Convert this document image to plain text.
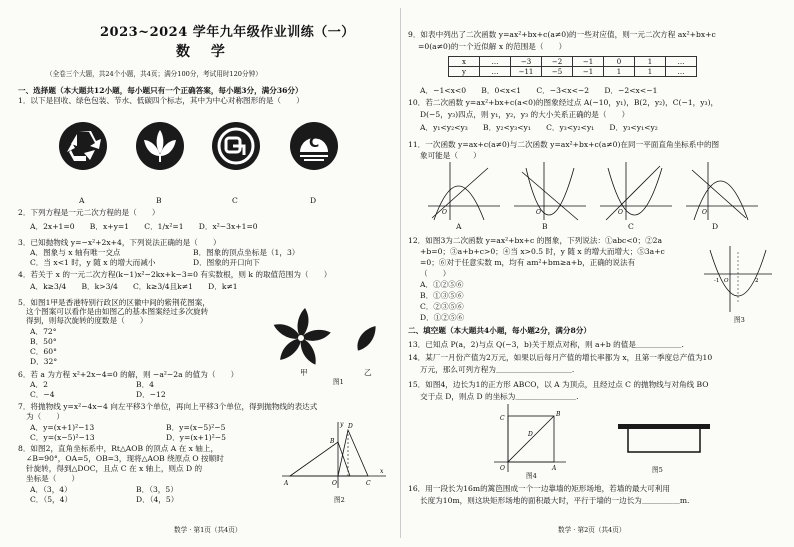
2023~2024 学年九年级作业训练（一）
数 学
（全卷三个大题，共24个小题，共4页；满分100分，考试用时120分钟）
一、选择题（本大题共12小题，每小题只有一个正确答案，每小题3分，满分36分）
1．以下是回收、绿色包装、节水、低碳四个标志，其中为中心对称图形的是（　　）
C
A	B	C	D
2．下列方程是一元二次方程的是（　　）
A．2x+1=0　　B．x+y=1　　C．1/x²=1　　D．x²−3x+1=0
3．已知抛物线 y=−x²+2x+4，下列说法正确的是（　　）
A．图象与 x 轴有唯一交点	B．图象的顶点坐标是（1，3）
C．当 x<1 时，y 随 x 的增大而减小	D．图象的开口向下
4．若关于 x 的一元二次方程(k−1)x²−2kx+k−3=0 有实数根，则 k 的取值范围为（　　）
A．k≥3/4　　B．k>3/4　　C．k≥3/4且k≠1　　D．k≠1
5．如图1甲是香港特别行政区的区徽中间的紫荆花图案，
这个图案可以看作是由如图乙的基本图案经过多次旋转
得到，则每次旋转的度数是（　　）
A．72°
B．50°
C．60°
D．32°
甲	乙
图1
6．若 a 为方程 x²+2x−4=0 的解，则 −a²−2a 的值为（　　）
A．2	B．4
C．−4	D．−12
7．将抛物线 y=x²−4x−4 向左平移3个单位，再向上平移3个单位，得到抛物线的表达式
为（　　）
A．y=(x+1)²−13	B．y=(x−5)²−5
C．y=(x−5)²−13	D．y=(x+1)²−5
8．如图2，直角坐标系中，Rt△AOB 的顶点 A 在 x 轴上，
∠B=90°，OA=5，OB=3，现将△AOB 绕原点 O 按顺时
针旋转，得到△DOC，且点 C 在 x 轴上，则点 D 的
坐标是（　　）
A．（3，4）	B．（3，5）
C．（5，4）	D．（4，5）
A
B
D
O	C
x
y
图2
数学 · 第1页（共4页）
9．如表中列出了二次函数 y=ax²+bx+c(a≠0)的一些对应值，则一元二次方程 ax²+bx+c
=0(a≠0)的一个近似解 x 的范围是（　　）
x	…	−3	−2	−1	0	1	…
y	…	−11	−5	−1	1	1	…
A．−1<x<0　　B．0<x<1　　C．−3<x<−2　　D．−2<x<−1
10．若二次函数 y=ax²+bx+c(a<0)的图象经过点 A(−10，y₁)，B(2，y₂)，C(−1，y₃)，
D(−5，y₃)四点，则 y₁，y₂，y₃ 的大小关系正确的是（　　）
A．y₁<y₂<y₃　　B．y₂<y₃<y₁　　C．y₃<y₂<y₁　　D．y₃<y₁<y₂
11．一次函数 y=ax+c(a≠0)与二次函数 y=ax²+bx+c(a≠0)在同一平面直角坐标系中的图
象可能是（　　）
O	O	O	O
A	B	C	D
12．如图3为二次函数 y=ax²+bx+c 的图象，下列说法：①abc<0；②2a
+b=0；③a+b+c>0；④当 x>0.5 时，y 随 x 的增大而增大；⑤3a+c
=0；⑥对于任意实数 m，均有 am²+bm≥a+b，正确的说法有
（　　）
A．①②⑤⑥
B．①③⑤⑥
C．②③⑤⑥
D．①②⑤⑥
-1 O	2
图3
二、填空题（本大题共4小题，每小题2分，满分8分）
13．已知点 P(a，2)与点 Q(−3，b)关于原点对称，则 a+b 的值是＿＿＿＿＿＿.
14．某厂一月份产值为2万元，如果以后每月产值的增长率都为 x，且第一季度总产值为10
万元，那么可列方程为＿＿＿＿＿＿＿＿＿＿.
15．如图4，边长为1的正方形 ABCO，以 A 为顶点，且经过点 C 的抛物线与对角线 BO
交于点 D，则点 D 的坐标为＿＿＿＿＿＿＿＿.
C
B
A
O
D
图4
图5
16．用一段长为16m的篱笆围成一个一边靠墙的矩形场地，若墙的最大可利用
长度为10m，则这块矩形场地的面积最大时，平行于墙的一边长为＿＿＿＿＿m.
数学 · 第2页（共4页）
